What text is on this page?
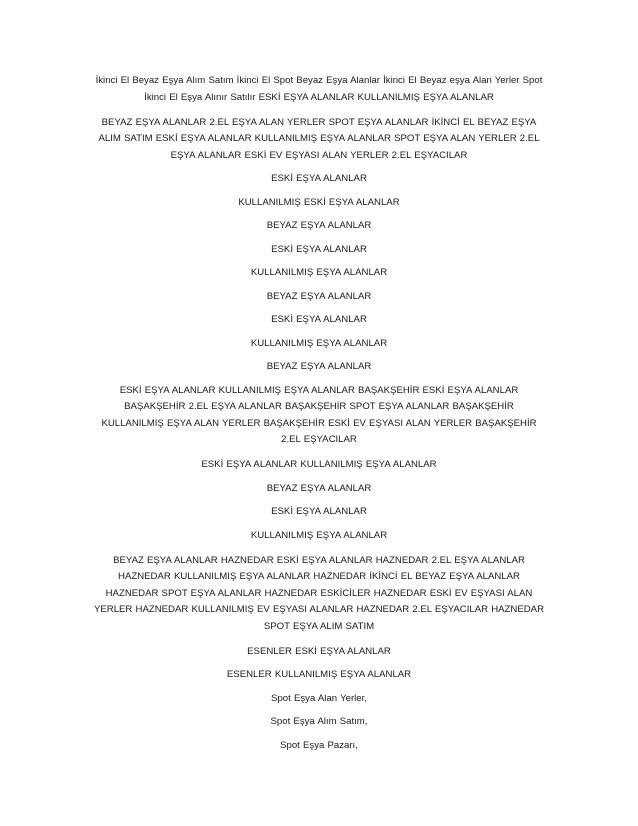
İkinci El Beyaz Eşya Alım Satım İkinci El Spot Beyaz Eşya Alanlar İkinci El Beyaz eşya Alan Yerler Spot İkinci El Eşya Alınır Satılır ESKİ EŞYA ALANLAR KULLANILMIŞ EŞYA ALANLAR

BEYAZ EŞYA ALANLAR 2.EL EŞYA ALAN YERLER SPOT EŞYA ALANLAR İKİNCİ EL BEYAZ EŞYA ALIM SATIM ESKİ EŞYA ALANLAR KULLANILMIŞ EŞYA ALANLAR SPOT EŞYA ALAN YERLER 2.EL EŞYA ALANLAR ESKİ EV EŞYASI ALAN YERLER 2.EL EŞYACILAR

ESKİ EŞYA ALANLAR

KULLANILMIŞ ESKİ EŞYA ALANLAR

BEYAZ EŞYA ALANLAR

ESKİ EŞYA ALANLAR

KULLANILMIŞ EŞYA ALANLAR

BEYAZ EŞYA ALANLAR

ESKİ EŞYA ALANLAR

KULLANILMIŞ EŞYA ALANLAR

BEYAZ EŞYA ALANLAR

ESKİ EŞYA ALANLAR KULLANILMIŞ EŞYA ALANLAR BAŞAKŞEHİR ESKİ EŞYA ALANLAR BAŞAKŞEHİR 2.EL EŞYA ALANLAR BAŞAKŞEHİR SPOT EŞYA ALANLAR BAŞAKŞEHİR KULLANILMIŞ EŞYA ALAN YERLER BAŞAKŞEHİR ESKİ EV EŞYASI ALAN YERLER BAŞAKŞEHİR 2.EL EŞYACILAR

ESKİ EŞYA ALANLAR KULLANILMIŞ EŞYA ALANLAR

BEYAZ EŞYA ALANLAR

ESKİ EŞYA ALANLAR

KULLANILMIŞ EŞYA ALANLAR

BEYAZ EŞYA ALANLAR HAZNEDAR ESKİ EŞYA ALANLAR HAZNEDAR 2.EL EŞYA ALANLAR HAZNEDAR KULLANILMIŞ EŞYA ALANLAR HAZNEDAR İKİNCİ EL BEYAZ EŞYA ALANLAR HAZNEDAR SPOT EŞYA ALANLAR HAZNEDAR ESKİCİLER HAZNEDAR ESKİ EV EŞYASI ALAN YERLER HAZNEDAR KULLANILMIŞ EV EŞYASI ALANLAR HAZNEDAR 2.EL EŞYACILAR HAZNEDAR SPOT EŞYA ALIM SATIM

ESENLER ESKİ EŞYA ALANLAR

ESENLER KULLANILMIŞ EŞYA ALANLAR

Spot Eşya Alan Yerler,

Spot Eşya Alım Satım,

Spot Eşya Pazarı,
